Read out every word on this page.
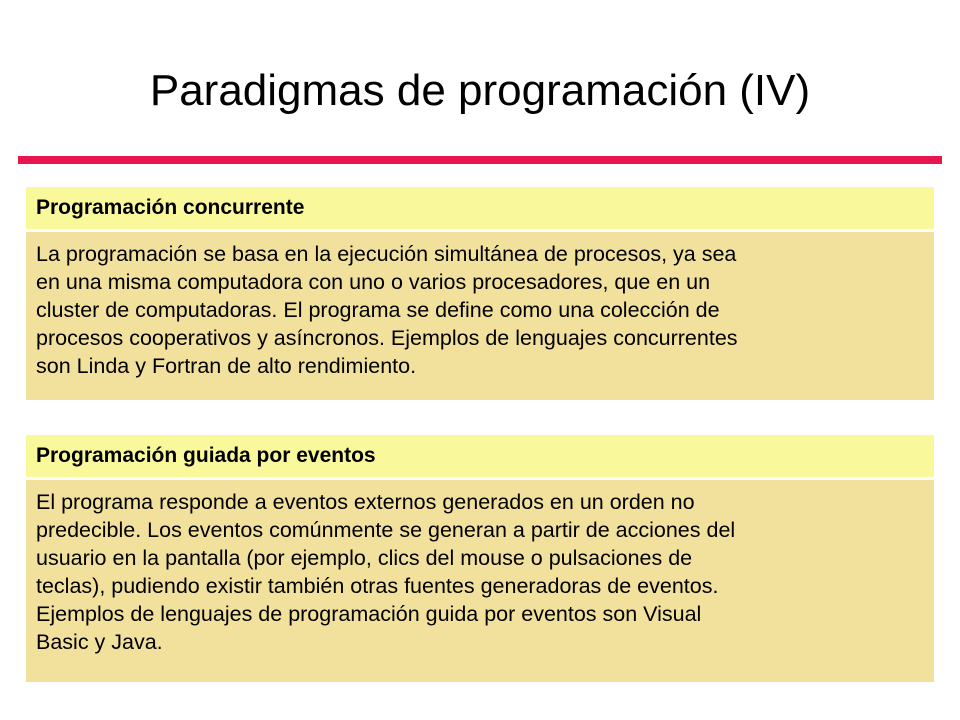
Paradigmas de programación (IV)
Programación concurrente
La programación se basa en la ejecución simultánea de procesos, ya sea
en una misma computadora con uno o varios procesadores, que en un
cluster de computadoras. El programa se define como una colección de
procesos cooperativos y asíncronos. Ejemplos de lenguajes concurrentes
son Linda y Fortran de alto rendimiento.
Programación guiada por eventos
El programa responde a eventos externos generados en un orden no
predecible. Los eventos comúnmente se generan a partir de acciones del
usuario en la pantalla (por ejemplo, clics del mouse o pulsaciones de
teclas), pudiendo existir también otras fuentes generadoras de eventos.
Ejemplos de lenguajes de programación guida por eventos son Visual
Basic y Java.
